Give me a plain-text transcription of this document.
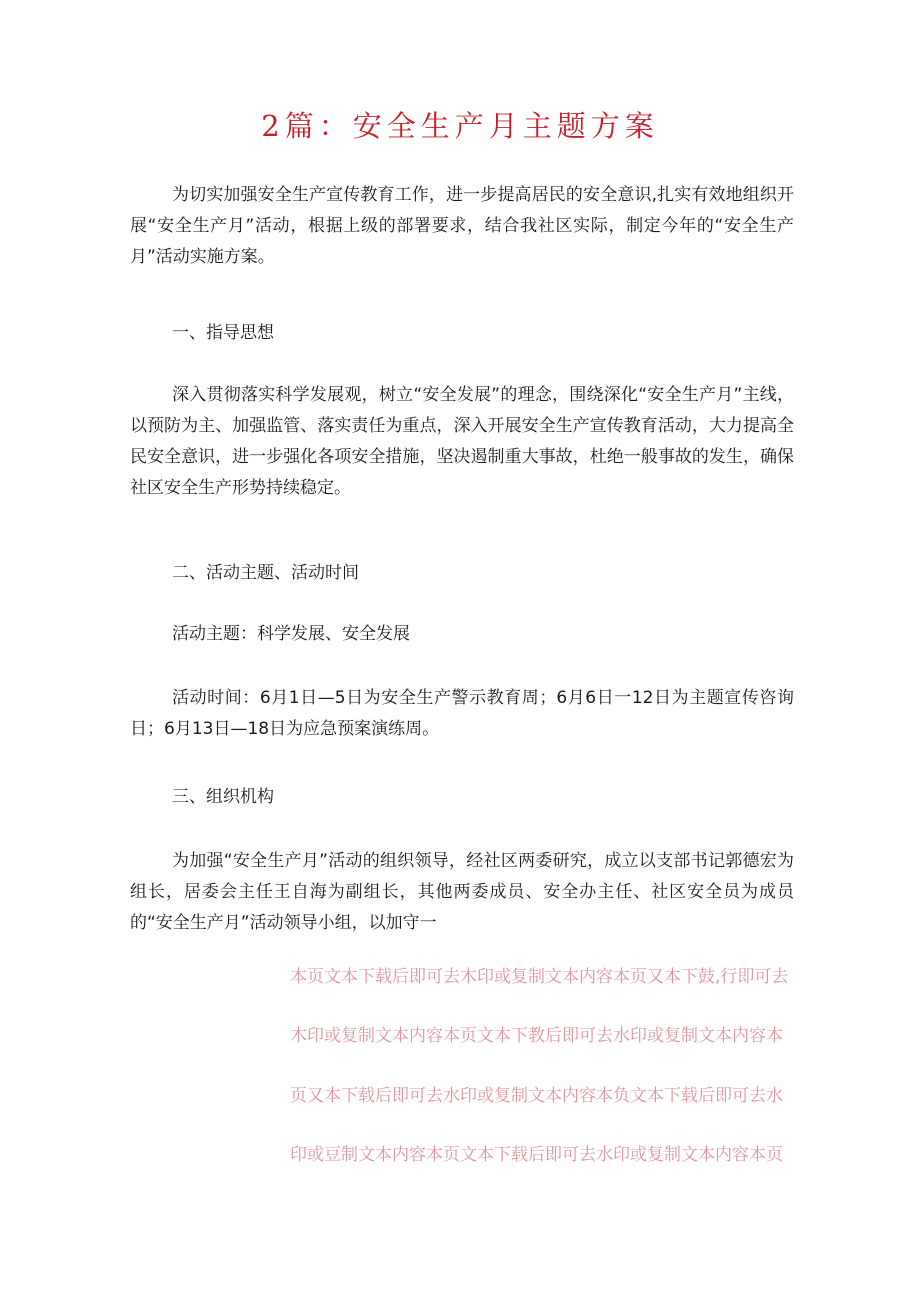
2篇：安全生产月主题方案

为切实加强安全生产宣传教育工作，进一步提高居民的安全意识,扎实有效地组织开展“安全生产月”活动，根据上级的部署要求，结合我社区实际，制定今年的“安全生产月”活动实施方案。

一、指导思想

深入贯彻落实科学发展观，树立“安全发展”的理念，围绕深化“安全生产月”主线，以预防为主、加强监管、落实责任为重点，深入开展安全生产宣传教育活动，大力提高全民安全意识，进一步强化各项安全措施，坚决遏制重大事故，杜绝一般事故的发生，确保社区安全生产形势持续稳定。

二、活动主题、活动时间

活动主题：科学发展、安全发展

活动时间：6月1日—5日为安全生产警示教育周；6月6日一12日为主题宣传咨询日；6月13日—18日为应急预案演练周。

三、组织机构

为加强“安全生产月”活动的组织领导，经社区两委研究，成立以支部书记郭德宏为组长，居委会主任王自海为副组长，其他两委成员、安全办主任、社区安全员为成员的“安全生产月”活动领导小组，以加守一

本页文本下载后即可去木印或复制文本内容本页又本下鼓,行即可去

木印或复制文本内容本页文本下教后即可去水印或复制文本内容本

页又本下载后即可去水印或复制文本内容本负文本下载后即可去水

印或豆制文本内容本页文本下载后即可去水印或复制文本内容本页
